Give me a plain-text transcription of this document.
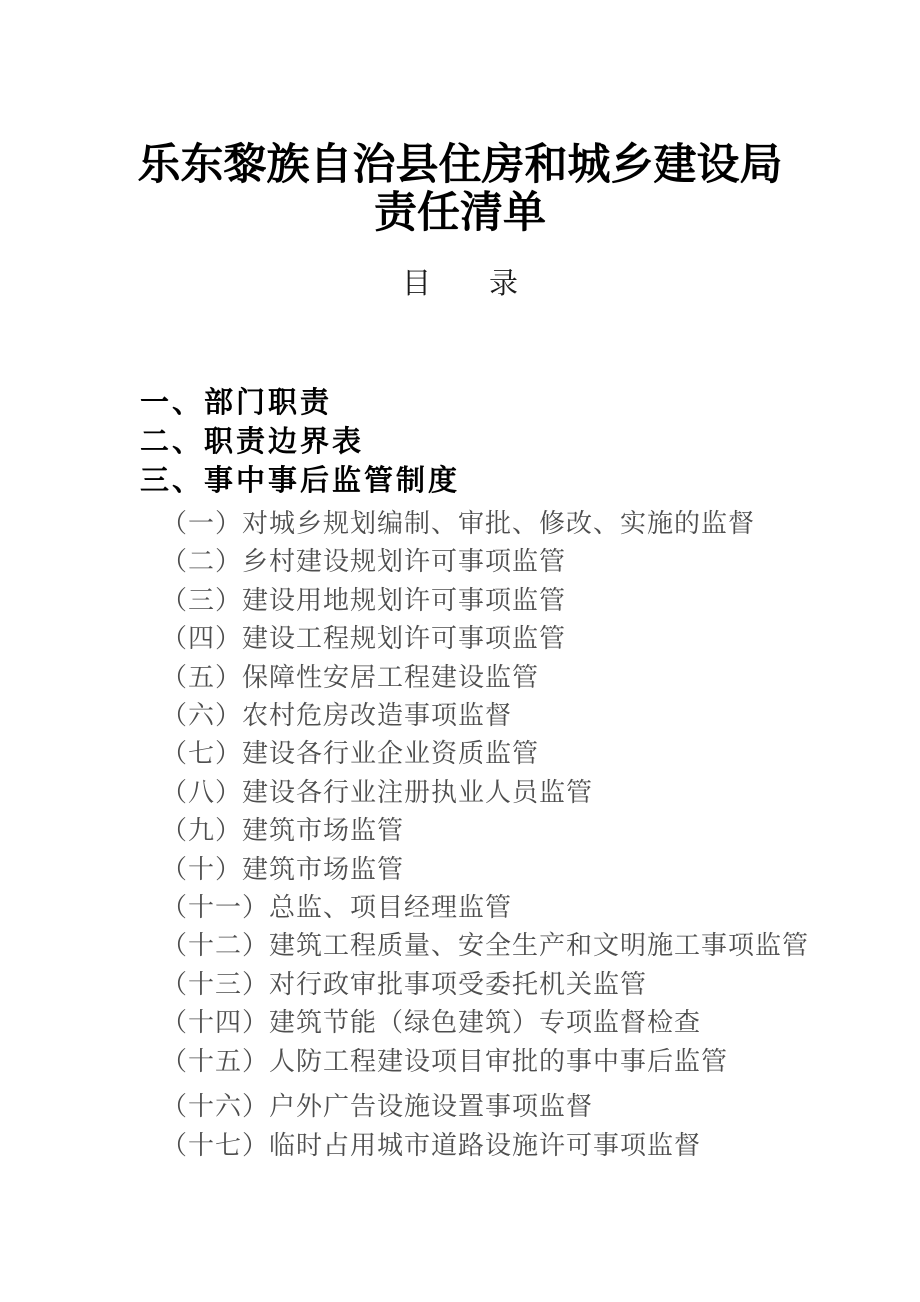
乐东黎族自治县住房和城乡建设局
责任清单
目　　录
一、部门职责
二、职责边界表
三、事中事后监管制度
（一）对城乡规划编制、审批、修改、实施的监督
（二）乡村建设规划许可事项监管
（三）建设用地规划许可事项监管
（四）建设工程规划许可事项监管
（五）保障性安居工程建设监管
（六）农村危房改造事项监督
（七）建设各行业企业资质监管
（八）建设各行业注册执业人员监管
（九）建筑市场监管
（十）建筑市场监管
（十一）总监、项目经理监管
（十二）建筑工程质量、安全生产和文明施工事项监管
（十三）对行政审批事项受委托机关监管
（十四）建筑节能（绿色建筑）专项监督检查
（十五）人防工程建设项目审批的事中事后监管
（十六）户外广告设施设置事项监督
（十七）临时占用城市道路设施许可事项监督
